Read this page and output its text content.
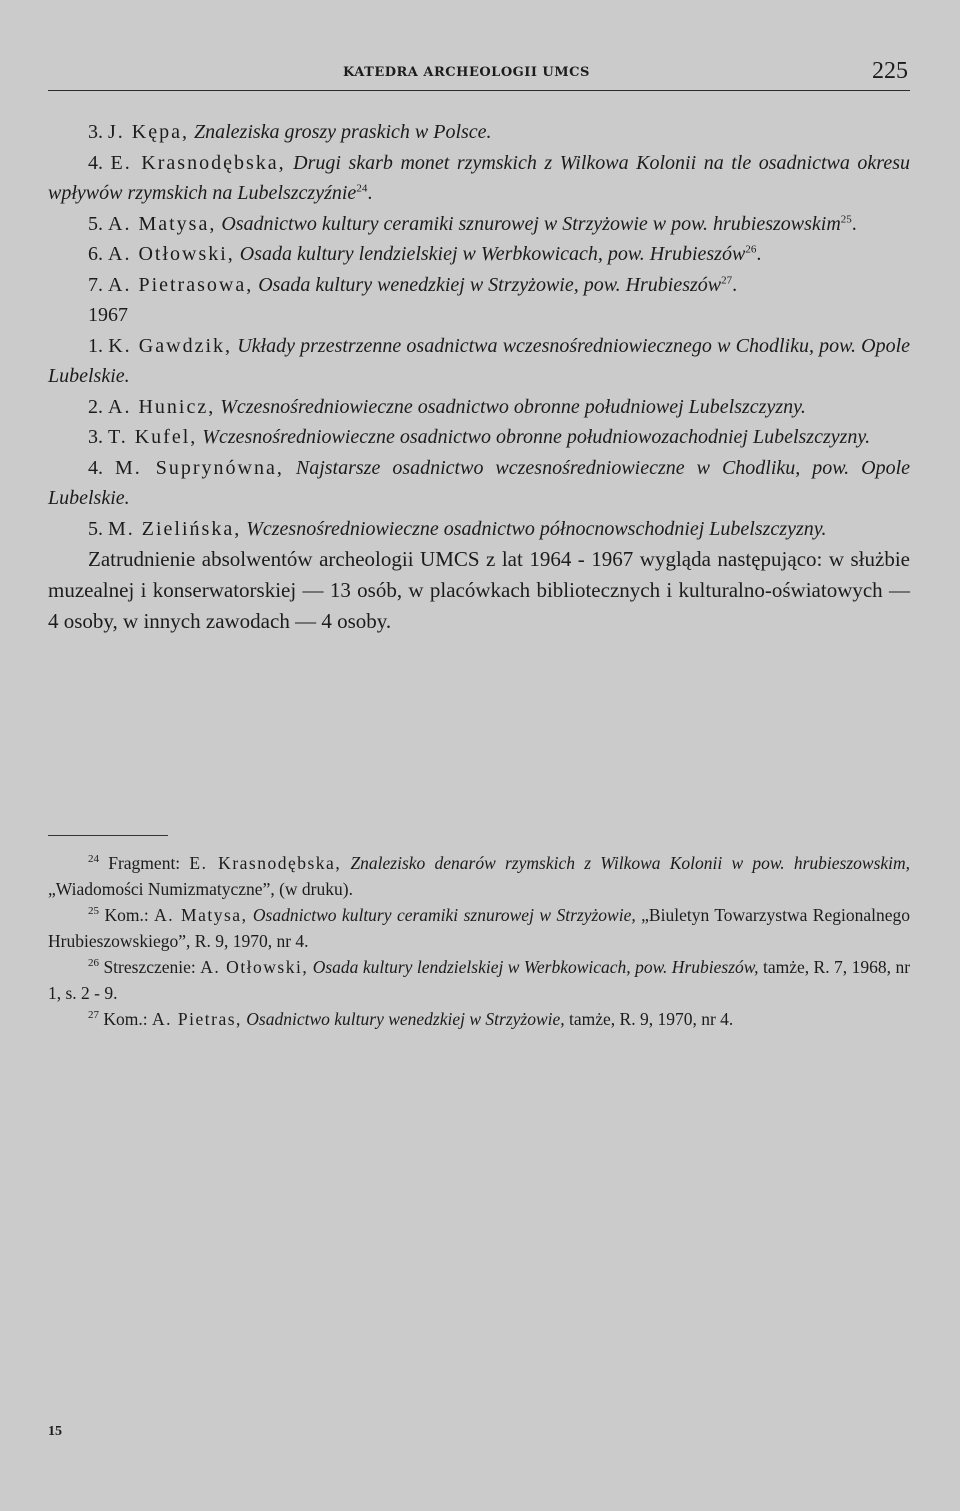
KATEDRA ARCHEOLOGII UMCS	225

3. J. Kępa, Znaleziska groszy praskich w Polsce.

4. E. Krasnodębska, Drugi skarb monet rzymskich z Wilkowa Kolonii na tle osadnictwa okresu wpływów rzymskich na Lubelszczyźnie$^{24}$.

5. A. Matysa, Osadnictwo kultury ceramiki sznurowej w Strzyżowie w pow. hrubieszowskim$^{25}$.

6. A. Otłowski, Osada kultury lendzielskiej w Werbkowicach, pow. Hrubieszów$^{26}$.

7. A. Pietrasowa, Osada kultury wenedzkiej w Strzyżowie, pow. Hrubieszów$^{27}$.

1967

1. K. Gawdzik, Układy przestrzenne osadnictwa wczesnośredniowiecznego w Chodliku, pow. Opole Lubelskie.

2. A. Hunicz, Wczesnośredniowieczne osadnictwo obronne południowej Lubelszczyzny.

3. T. Kufel, Wczesnośredniowieczne osadnictwo obronne południowozachodniej Lubelszczyzny.

4. M. Suprynówna, Najstarsze osadnictwo wczesnośredniowieczne w Chodliku, pow. Opole Lubelskie.

5. M. Zielińska, Wczesnośredniowieczne osadnictwo północnowschodniej Lubelszczyzny.

Zatrudnienie absolwentów archeologii UMCS z lat 1964 - 1967 wygląda następująco: w służbie muzealnej i konserwatorskiej — 13 osób, w placówkach bibliotecznych i kulturalno-oświatowych — 4 osoby, w innych zawodach — 4 osoby.

$^{24}$ Fragment: E. Krasnodębska, Znalezisko denarów rzymskich z Wilkowa Kolonii w pow. hrubieszowskim, „Wiadomości Numizmatyczne”, (w druku).

$^{25}$ Kom.: A. Matysa, Osadnictwo kultury ceramiki sznurowej w Strzyżowie, „Biuletyn Towarzystwa Regionalnego Hrubieszowskiego”, R. 9, 1970, nr 4.

$^{26}$ Streszczenie: A. Otłowski, Osada kultury lendzielskiej w Werbkowicach, pow. Hrubieszów, tamże, R. 7, 1968, nr 1, s. 2 - 9.

$^{27}$ Kom.: A. Pietras, Osadnictwo kultury wenedzkiej w Strzyżowie, tamże, R. 9, 1970, nr 4.

15
